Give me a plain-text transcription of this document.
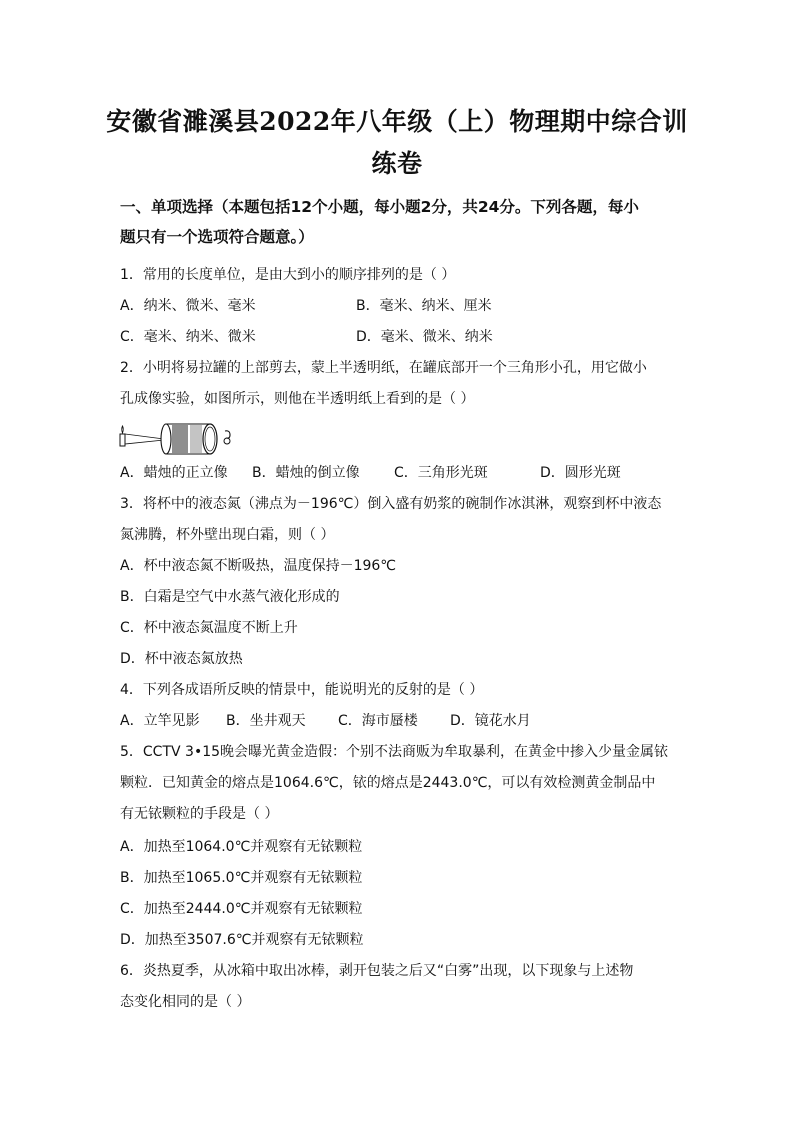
安徽省濉溪县2022年八年级（上）物理期中综合训
练卷
一、单项选择（本题包括12个小题，每小题2分，共24分。下列各题，每小
题只有一个选项符合题意。）
1．常用的长度单位，是由大到小的顺序排列的是（ ）
A．纳米、微米、毫米	B．毫米、纳米、厘米
C．毫米、纳米、微米	D．毫米、微米、纳米
2．小明将易拉罐的上部剪去，蒙上半透明纸，在罐底部开一个三角形小孔，用它做小
孔成像实验，如图所示，则他在半透明纸上看到的是（ ）
A．蜡烛的正立像 B．蜡烛的倒立像 C．三角形光斑	D．圆形光斑
3．将杯中的液态氮（沸点为－196℃）倒入盛有奶浆的碗制作冰淇淋，观察到杯中液态
氮沸腾，杯外壁出现白霜，则（ ）
A．杯中液态氮不断吸热，温度保持－196℃
B．白霜是空气中水蒸气液化形成的
C．杯中液态氮温度不断上升
D．杯中液态氮放热
4．下列各成语所反映的情景中，能说明光的反射的是（ ）
A．立竿见影 B．坐井观天 C．海市蜃楼 D．镜花水月
5．CCTV 3•15晚会曝光黄金造假：个别不法商贩为牟取暴利，在黄金中掺入少量金属铱
颗粒．已知黄金的熔点是1064.6℃，铱的熔点是2443.0℃，可以有效检测黄金制品中
有无铱颗粒的手段是（ ）
A．加热至1064.0℃并观察有无铱颗粒
B．加热至1065.0℃并观察有无铱颗粒
C．加热至2444.0℃并观察有无铱颗粒
D．加热至3507.6℃并观察有无铱颗粒
6．炎热夏季，从冰箱中取出冰棒，剥开包装之后又“白雾”出现，以下现象与上述物
态变化相同的是（ ）
